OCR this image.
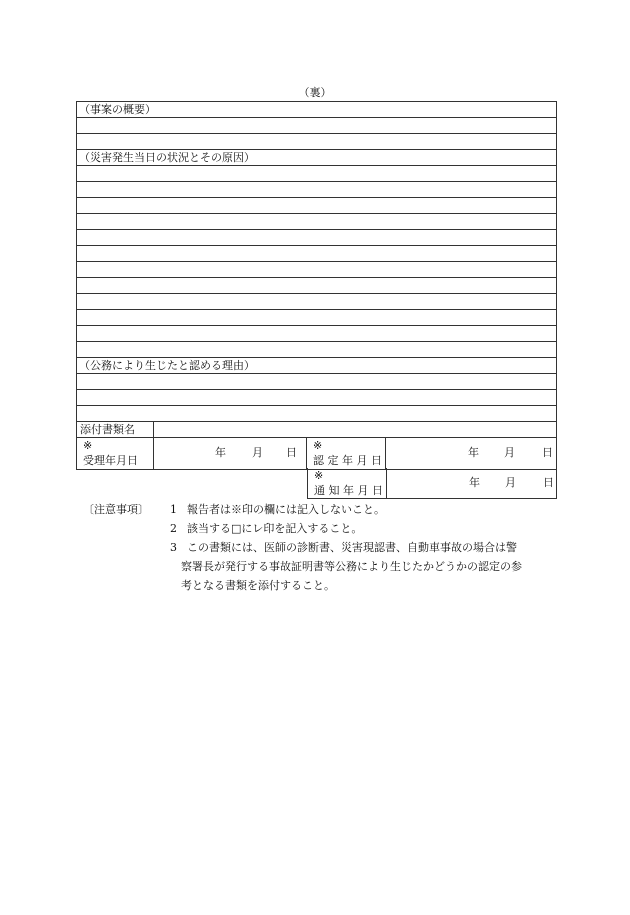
（裏）
（事案の概要）
（災害発生当日の状況とその原因）
（公務により生じたと認める理由）
添付書類名
※
受理年月日
年 月 日
※
認 定 年 月 日
年 月 日
※
通 知 年 月 日
年 月 日
〔注意事項〕 1 報告者は※印の欄には記入しないこと。
2 該当する□にレ印を記入すること。
3 この書類には、医師の診断書、災害現認書、自動車事故の場合は警
察署長が発行する事故証明書等公務により生じたかどうかの認定の参
考となる書類を添付すること。
